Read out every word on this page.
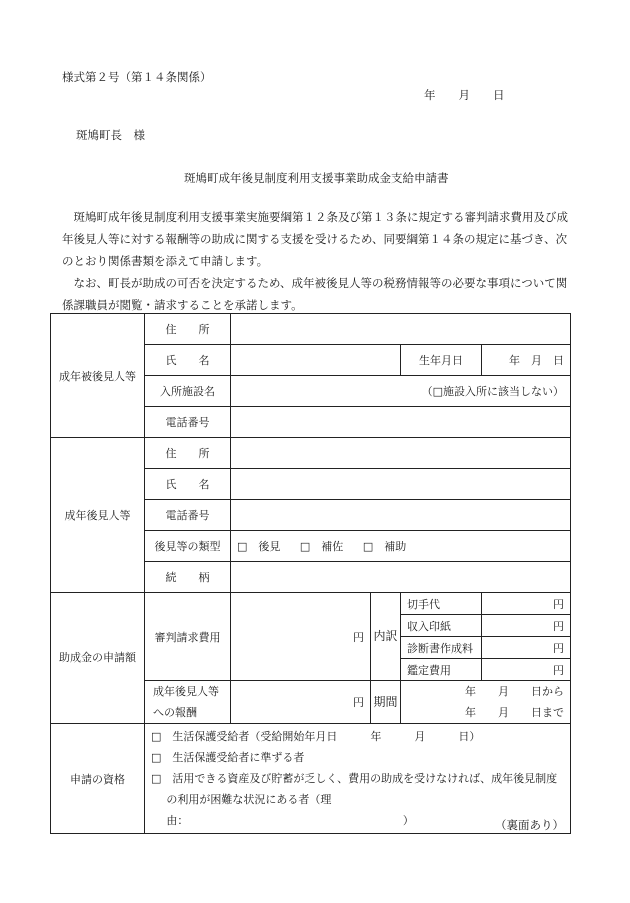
様式第２号（第１４条関係）
年　　月　　日
斑鳩町長　様
斑鳩町成年後見制度利用支援事業助成金支給申請書

斑鳩町成年後見制度利用支援事業実施要綱第１２条及び第１３条に規定する審判請求費用及び成年後見人等に対する報酬等の助成に関する支援を受けるため、同要綱第１４条の規定に基づき、次のとおり関係書類を添えて申請します。

なお、町長が助成の可否を決定するため、成年被後見人等の税務情報等の必要な事項について関係課職員が閲覧・請求することを承諾します。

成年被後見人等	住　　所				
	氏　　名			生年月日	年　月　日
	入所施設名	（□施設入所に該当しない）			
	電話番号				
成年後見人等	住　　所				
	氏　　名				
	電話番号				
	後見等の類型	□　後見 □　補佐 □　補助			
	続　　柄				
助成金の申請額	審判請求費用	円	内訳	切手代	円
				収入印紙	円
				診断書作成料	円
				鑑定費用	円
	成年後見人等への報酬	円	期間	年　　月　　日から	
				年　　月　　日まで	
申請の資格	□　生活保護受給者（受給開始年月日　　　年　　　月　　　日）
□　生活保護受給者に準ずる者
□　活用できる資産及び貯蓄が乏しく、費用の助成を受けなければ、成年後見制度の利用が困難な状況にある者（理由：　　　　　　　　　　　　　　　　　　　　）					（裏面あり）
